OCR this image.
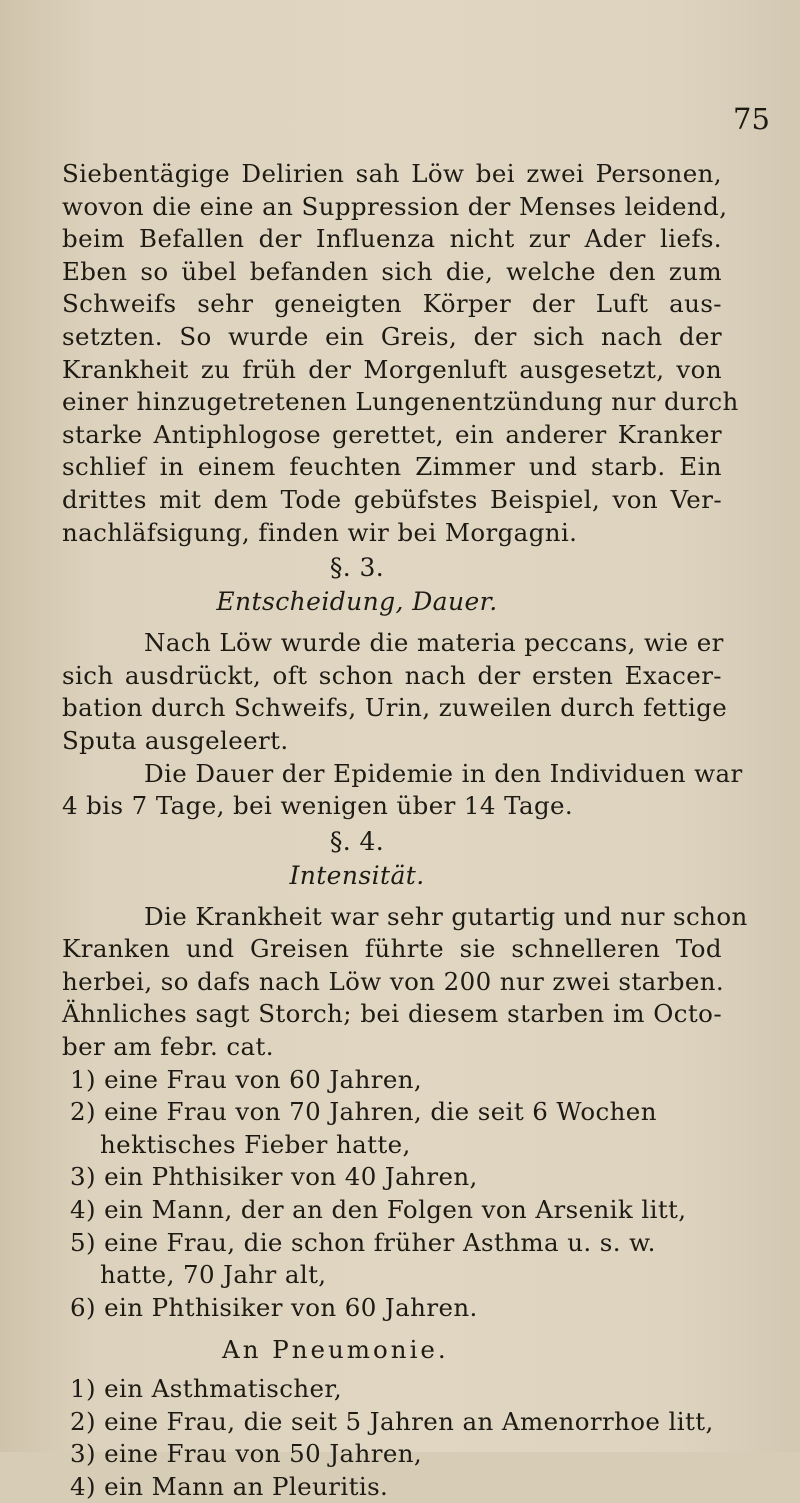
75
Siebentägige Delirien sah Löw bei zwei Personen,
wovon die eine an Suppression der Menses leidend,
beim Befallen der Influenza nicht zur Ader liefs.
Eben so übel befanden sich die, welche den zum
Schweifs sehr geneigten Körper der Luft aus-
setzten. So wurde ein Greis, der sich nach der
Krankheit zu früh der Morgenluft ausgesetzt, von
einer hinzugetretenen Lungenentzündung nur durch
starke Antiphlogose gerettet, ein anderer Kranker
schlief in einem feuchten Zimmer und starb. Ein
drittes mit dem Tode gebüfstes Beispiel, von Ver-
nachläfsigung, finden wir bei Morgagni.
§. 3.
Entscheidung, Dauer.
Nach Löw wurde die materia peccans, wie er
sich ausdrückt, oft schon nach der ersten Exacer-
bation durch Schweifs, Urin, zuweilen durch fettige
Sputa ausgeleert.
Die Dauer der Epidemie in den Individuen war
4 bis 7 Tage, bei wenigen über 14 Tage.
§. 4.
Intensität.
Die Krankheit war sehr gutartig und nur schon
Kranken und Greisen führte sie schnelleren Tod
herbei, so dafs nach Löw von 200 nur zwei starben.
Ähnliches sagt Storch; bei diesem starben im Octo-
ber am febr. cat.
1) eine Frau von 60 Jahren,
2) eine Frau von 70 Jahren, die seit 6 Wochen
hektisches Fieber hatte,
3) ein Phthisiker von 40 Jahren,
4) ein Mann, der an den Folgen von Arsenik litt,
5) eine Frau, die schon früher Asthma u. s. w.
hatte, 70 Jahr alt,
6) ein Phthisiker von 60 Jahren.
An Pneumonie.
1) ein Asthmatischer,
2) eine Frau, die seit 5 Jahren an Amenorrhoe litt,
3) eine Frau von 50 Jahren,
4) ein Mann an Pleuritis.
